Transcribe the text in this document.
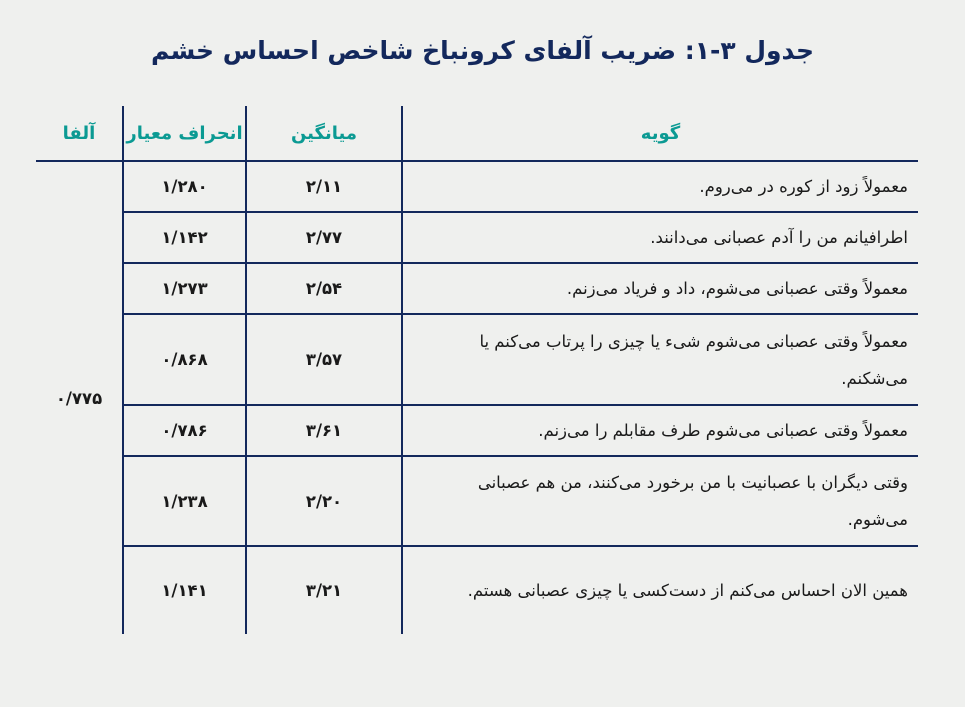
جدول ۳-۱: ضریب آلفای کرونباخ شاخص احساس خشم
گویه	میانگین	انحراف معیار	آلفا
معمولاً زود از کوره در می‌روم.	۲/۱۱	۱/۲۸۰	۰/۷۷۵
اطرافیانم من را آدم عصبانی می‌دانند.	۲/۷۷	۱/۱۴۲	
معمولاً وقتی عصبانی می‌شوم، داد و فریاد می‌زنم.	۲/۵۴	۱/۲۷۳	
معمولاً وقتی عصبانی می‌شوم شیء یا چیزی را پرتاب می‌کنم یا می‌شکنم.	۳/۵۷	۰/۸۶۸	
معمولاً وقتی عصبانی می‌شوم طرف مقابلم را می‌زنم.	۳/۶۱	۰/۷۸۶	
وقتی دیگران با عصبانیت با من برخورد می‌کنند، من هم عصبانی می‌شوم.	۲/۲۰	۱/۲۳۸	
همین الان احساس می‌کنم از دست‌کسی یا چیزی عصبانی هستم.	۳/۲۱	۱/۱۴۱	
